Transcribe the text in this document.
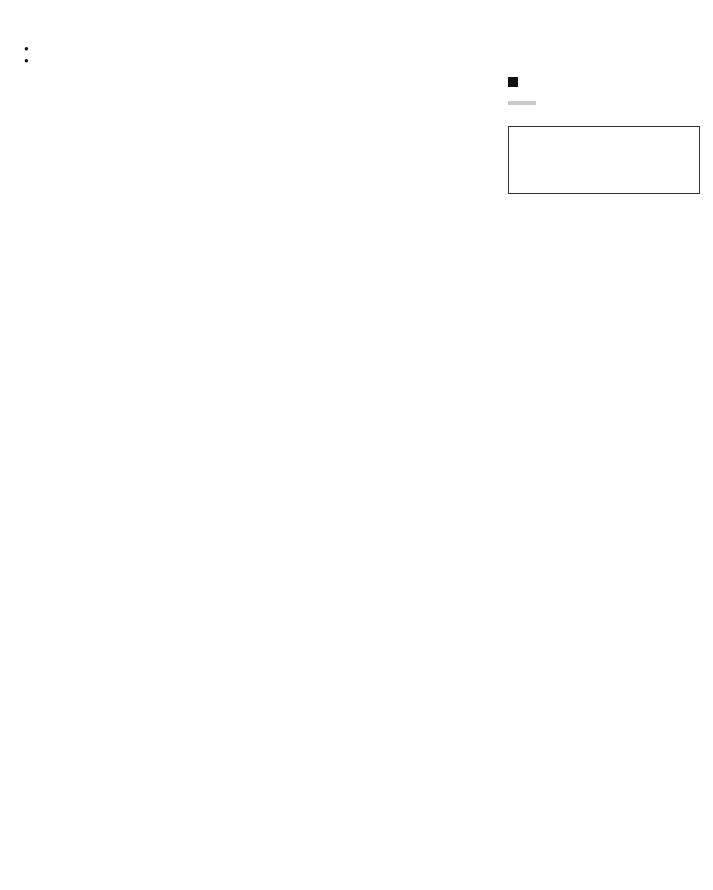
●
●
